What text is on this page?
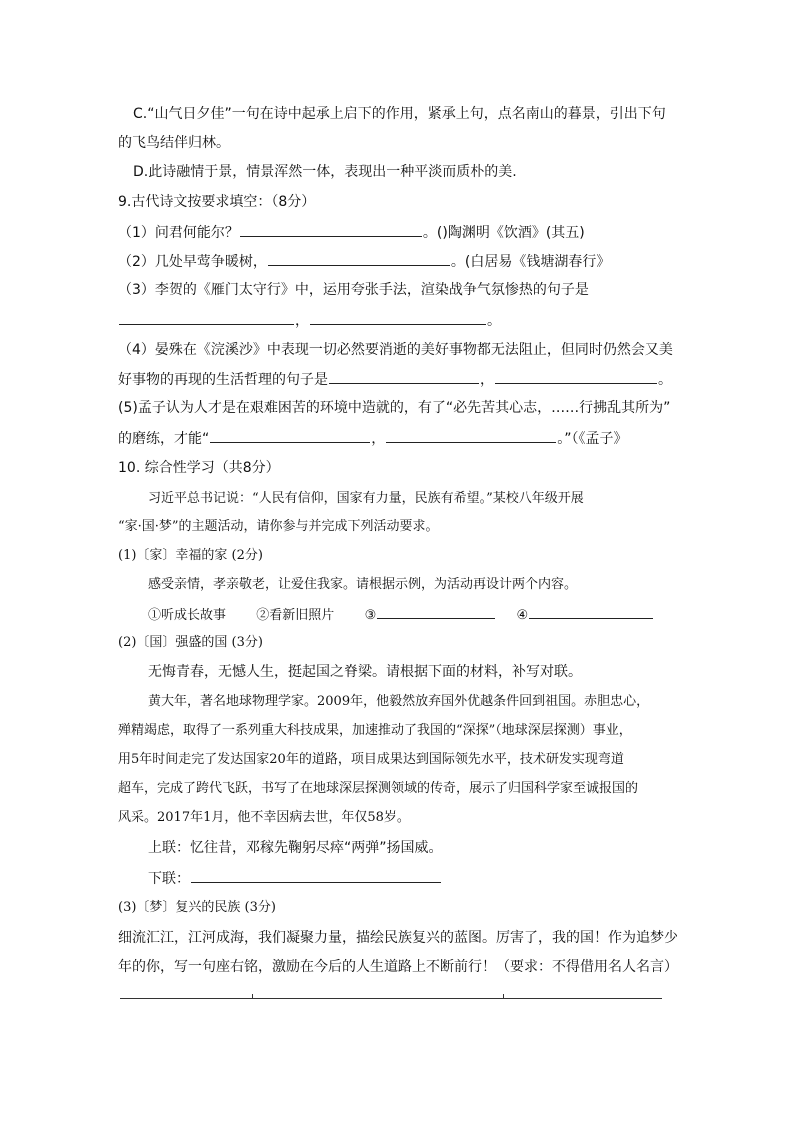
C.“山气日夕佳”一句在诗中起承上启下的作用，紧承上句，点名南山的暮景，引出下句
的飞鸟结伴归林。
D.此诗融情于景，情景浑然一体，表现出一种平淡而质朴的美.
9.古代诗文按要求填空：（8分）
（1）问君何能尔？	。()陶渊明《饮酒》(其五)
（2）几处早莺争暖树，	。(白居易《钱塘湖春行》
（3）李贺的《雁门太守行》中，运用夸张手法，渲染战争气氛惨热的句子是
，	。
（4）晏殊在《浣溪沙》中表现一切必然要消逝的美好事物都无法阻止，但同时仍然会又美
好事物的再现的生活哲理的句子是	，	。
(5)孟子认为人才是在艰难困苦的环境中造就的，有了“必先苦其心志，……行拂乱其所为”
的磨练，才能“	，	。”（《孟子》
10. 综合性学习（共8分）
习近平总书记说：“人民有信仰，国家有力量，民族有希望。”某校八年级开展
“家·国·梦”的主题活动，请你参与并完成下列活动要求。
(1)〔家〕幸福的家 (2分)
感受亲情，孝亲敬老，让爱住我家。请根据示例，为活动再设计两个内容。
①听成长故事 ②看新旧照片 ③	④
(2)〔国〕强盛的国 (3分)
无悔青春，无憾人生，挺起国之脊梁。请根据下面的材料，补写对联。
黄大年，著名地球物理学家。2009年，他毅然放弃国外优越条件回到祖国。赤胆忠心，
殚精竭虑，取得了一系列重大科技成果，加速推动了我国的“深探”（地球深层探测）事业，
用5年时间走完了发达国家20年的道路，项目成果达到国际领先水平，技术研发实现弯道
超车，完成了跨代飞跃，书写了在地球深层探测领域的传奇，展示了归国科学家至诚报国的
风采。2017年1月，他不幸因病去世，年仅58岁。
上联：忆往昔，邓稼先鞠躬尽瘁“两弹”扬国威。
下联：
(3)〔梦〕复兴的民族 (3分)
细流汇江，江河成海，我们凝聚力量，描绘民族复兴的蓝图。厉害了，我的国！作为追梦少
年的你，写一句座右铭，激励在今后的人生道路上不断前行！（要求：不得借用名人名言）
